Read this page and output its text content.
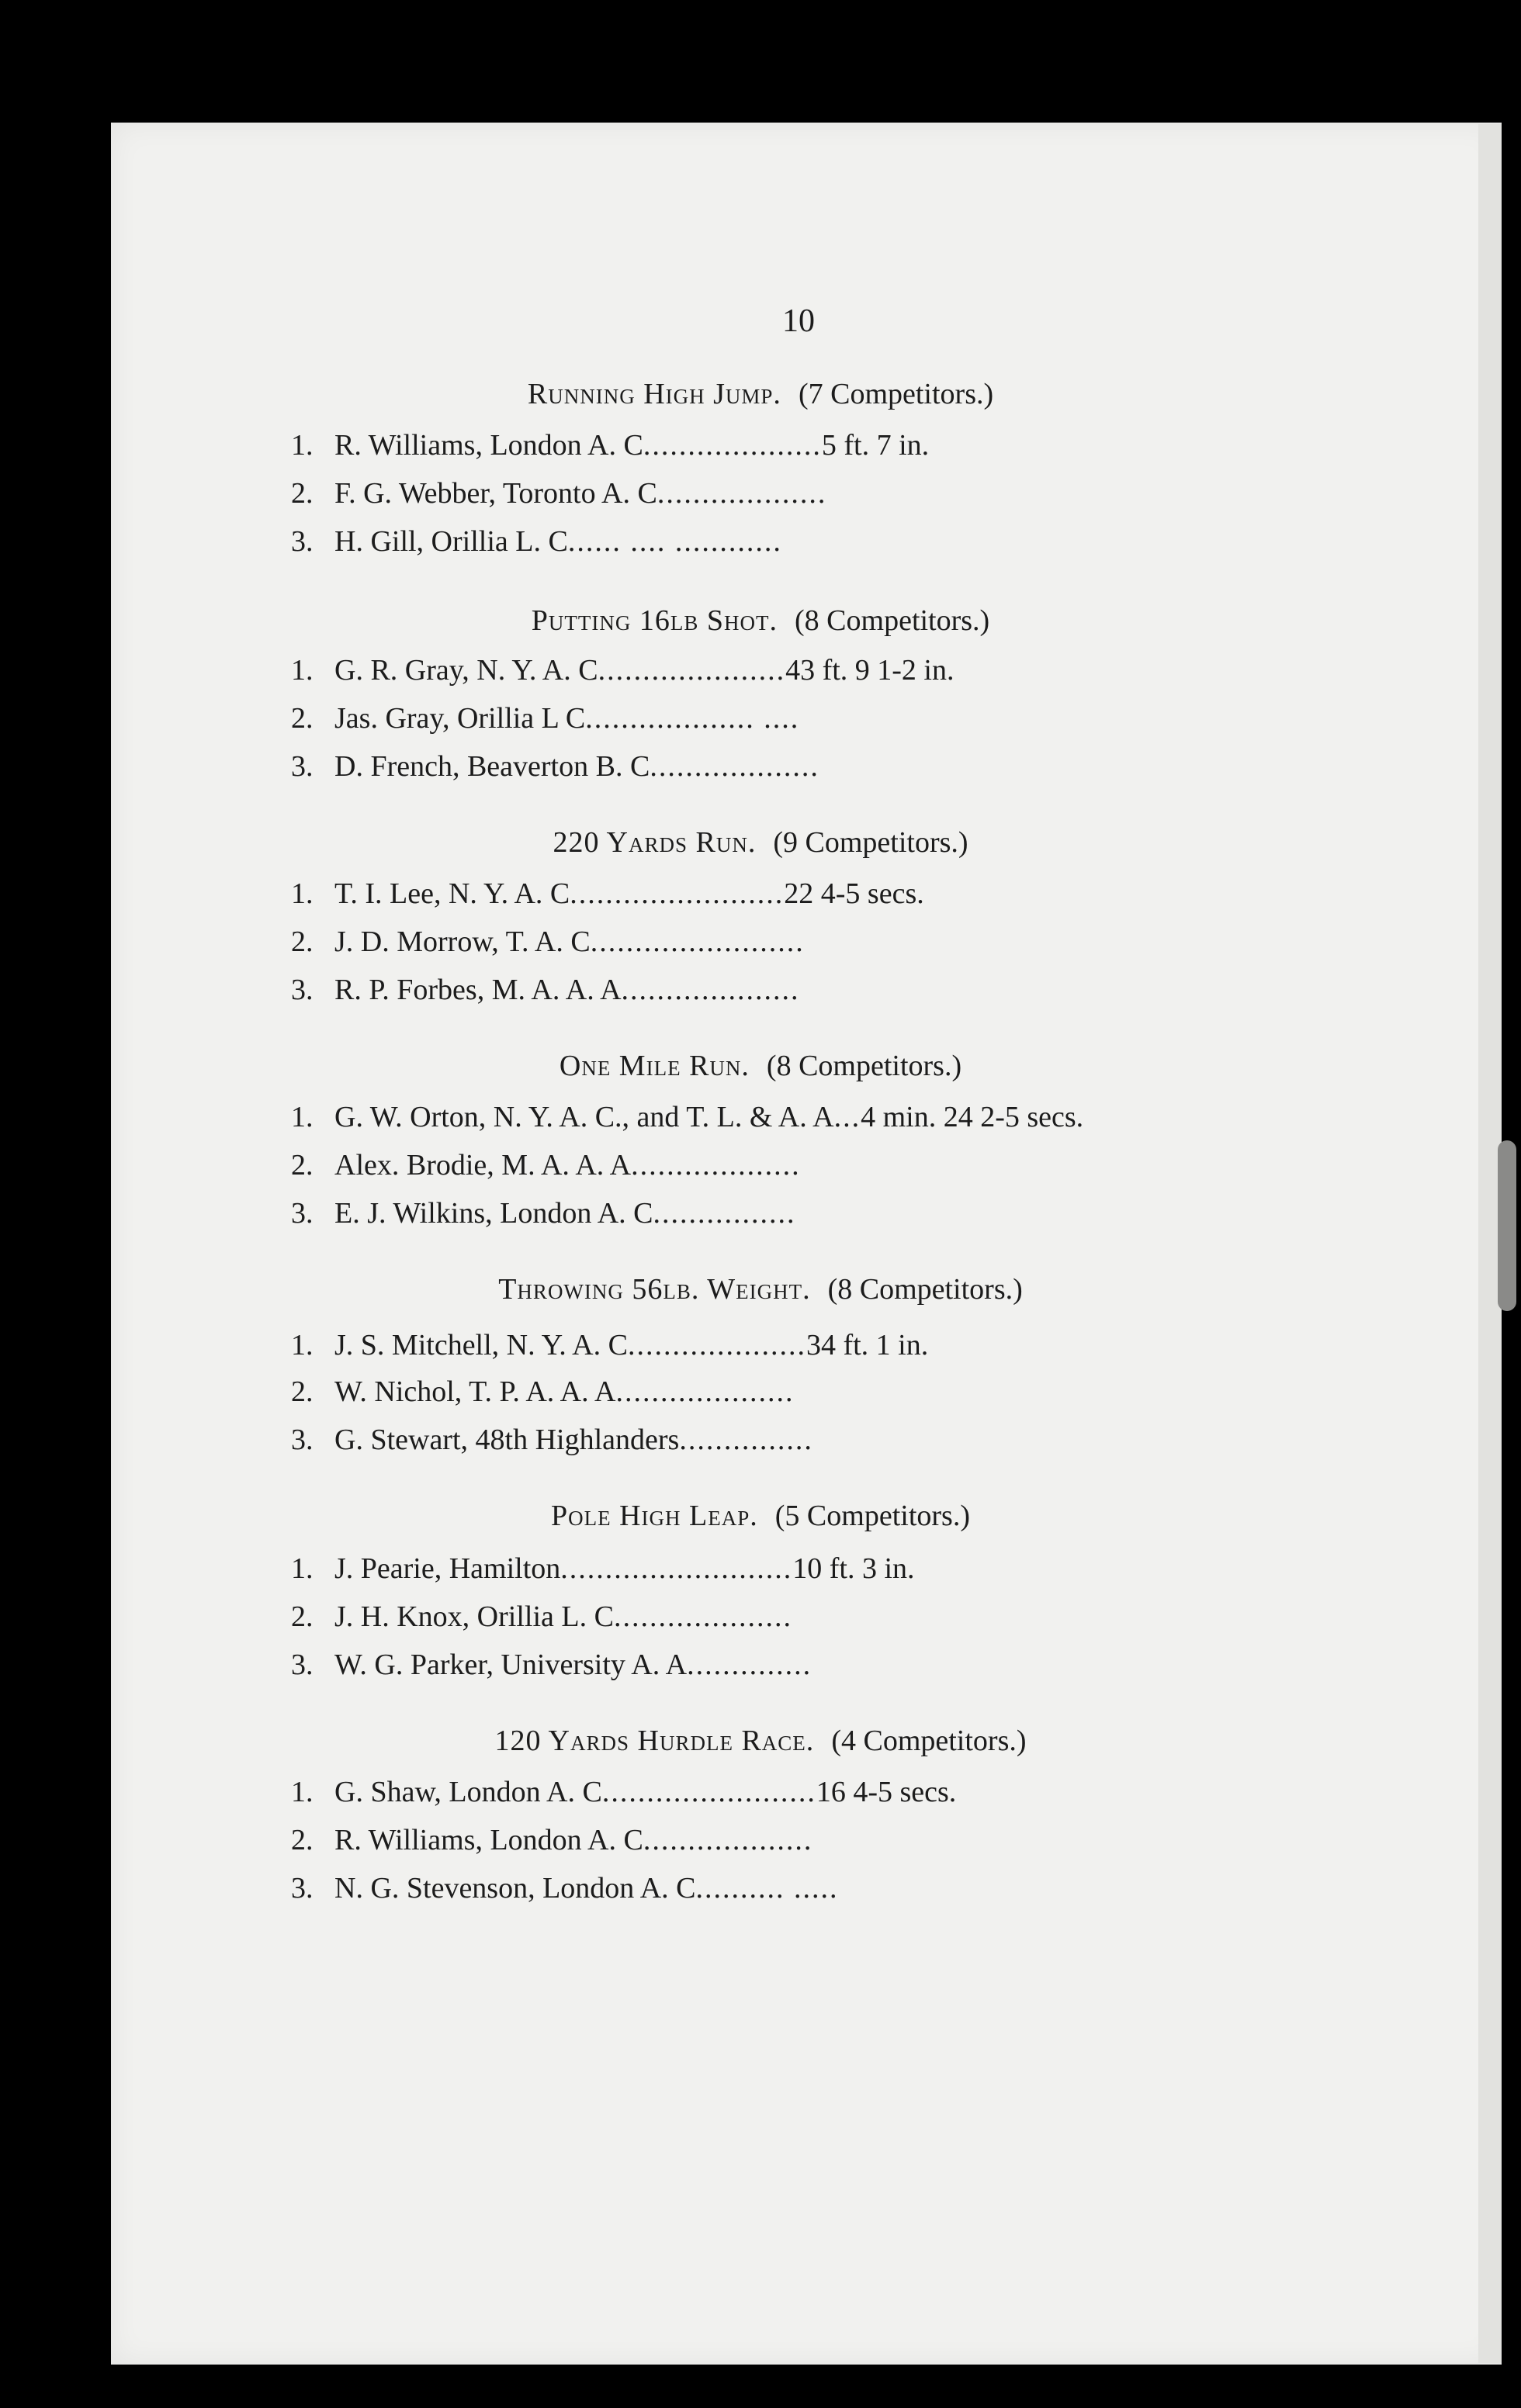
10
Running High Jump. (7 Competitors.)
1. R. Williams, London A. C....................5 ft. 7 in.
2. F. G. Webber, Toronto A. C...................
3. H. Gill, Orillia L. C...... .... ............
Putting 16lb Shot. (8 Competitors.)
1. G. R. Gray, N. Y. A. C.....................43 ft. 9 1-2 in.
2. Jas. Gray, Orillia L C................... ....
3. D. French, Beaverton B. C...................
220 Yards Run. (9 Competitors.)
1. T. I. Lee, N. Y. A. C........................22 4-5 secs.
2. J. D. Morrow, T. A. C........................
3. R. P. Forbes, M. A. A. A....................
One Mile Run. (8 Competitors.)
1. G. W. Orton, N. Y. A. C., and T. L. & A. A...4 min. 24 2-5 secs.
2. Alex. Brodie, M. A. A. A...................
3. E. J. Wilkins, London A. C................
Throwing 56lb. Weight. (8 Competitors.)
1. J. S. Mitchell, N. Y. A. C....................34 ft. 1 in.
2. W. Nichol, T. P. A. A. A....................
3. G. Stewart, 48th Highlanders...............
Pole High Leap. (5 Competitors.)
1. J. Pearie, Hamilton..........................10 ft. 3 in.
2. J. H. Knox, Orillia L. C....................
3. W. G. Parker, University A. A..............
120 Yards Hurdle Race. (4 Competitors.)
1. G. Shaw, London A. C........................16 4-5 secs.
2. R. Williams, London A. C...................
3. N. G. Stevenson, London A. C.......... .....
